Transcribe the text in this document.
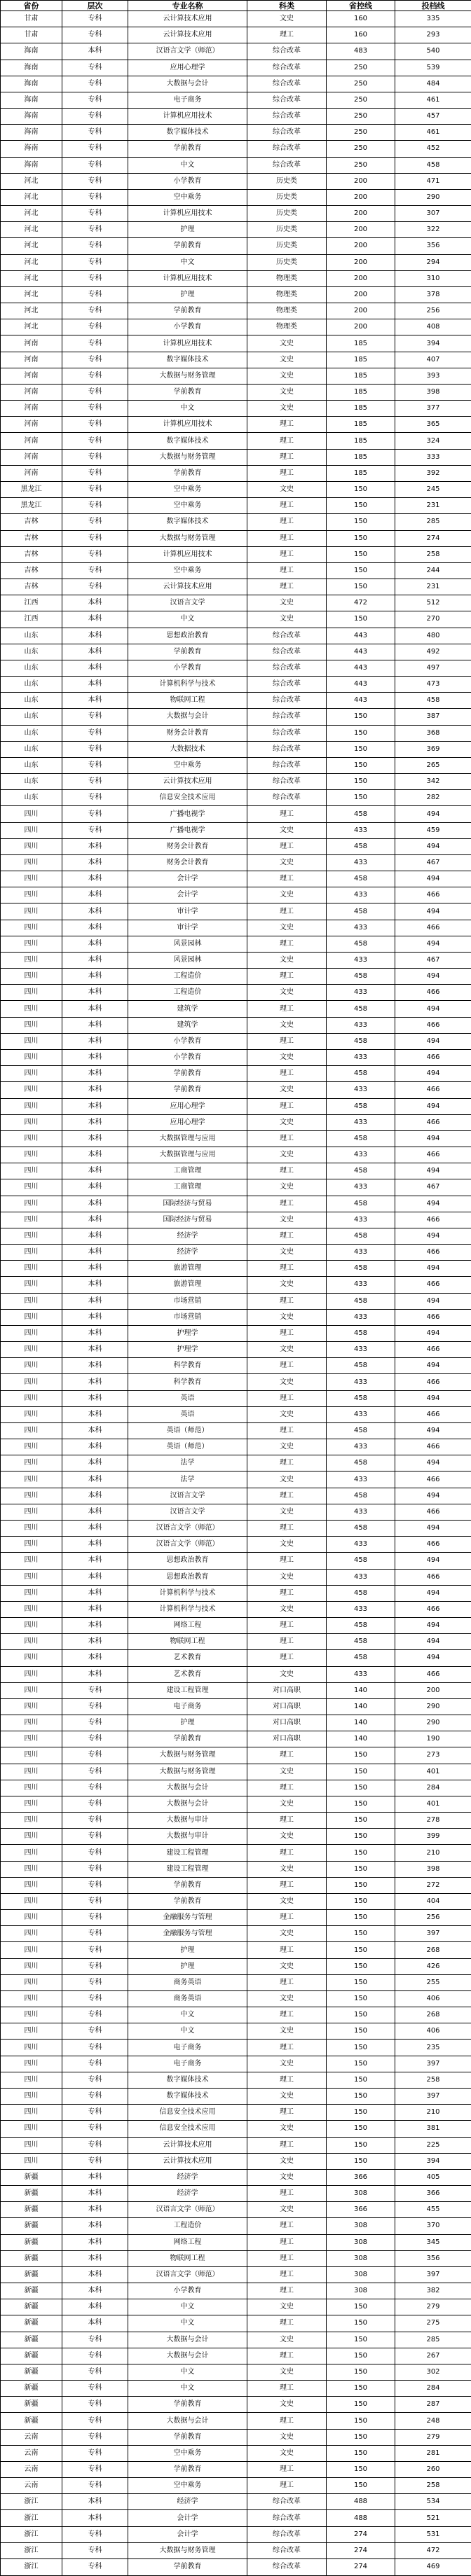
省份	层次	专业名称	科类	省控线	投档线
甘肃	专科	云计算技术应用	文史	160	335
甘肃	专科	云计算技术应用	理工	160	293
海南	本科	汉语言文学（师范）	综合改革	483	540
海南	专科	应用心理学	综合改革	250	539
海南	专科	大数据与会计	综合改革	250	484
海南	专科	电子商务	综合改革	250	461
海南	专科	计算机应用技术	综合改革	250	457
海南	专科	数字媒体技术	综合改革	250	461
海南	专科	学前教育	综合改革	250	452
海南	专科	中文	综合改革	250	458
河北	专科	小学教育	历史类	200	471
河北	专科	空中乘务	历史类	200	290
河北	专科	计算机应用技术	历史类	200	307
河北	专科	护理	历史类	200	322
河北	专科	学前教育	历史类	200	356
河北	专科	中文	历史类	200	294
河北	专科	计算机应用技术	物理类	200	310
河北	专科	护理	物理类	200	378
河北	专科	学前教育	物理类	200	256
河北	专科	小学教育	物理类	200	408
河南	专科	计算机应用技术	文史	185	394
河南	专科	数字媒体技术	文史	185	407
河南	专科	大数据与财务管理	文史	185	393
河南	专科	学前教育	文史	185	398
河南	专科	中文	文史	185	377
河南	专科	计算机应用技术	理工	185	365
河南	专科	数字媒体技术	理工	185	324
河南	专科	大数据与财务管理	理工	185	333
河南	专科	学前教育	理工	185	392
黑龙江	专科	空中乘务	文史	150	245
黑龙江	专科	空中乘务	理工	150	231
吉林	专科	数字媒体技术	理工	150	285
吉林	专科	大数据与财务管理	理工	150	274
吉林	专科	计算机应用技术	理工	150	258
吉林	专科	空中乘务	理工	150	244
吉林	专科	云计算技术应用	理工	150	231
江西	本科	汉语言文学	文史	472	512
江西	本科	中文	文史	150	270
山东	本科	思想政治教育	综合改革	443	480
山东	本科	学前教育	综合改革	443	492
山东	本科	小学教育	综合改革	443	497
山东	本科	计算机科学与技术	综合改革	443	473
山东	本科	物联网工程	综合改革	443	458
山东	专科	大数据与会计	综合改革	150	387
山东	专科	财务会计教育	综合改革	150	368
山东	专科	大数据技术	综合改革	150	369
山东	专科	空中乘务	综合改革	150	265
山东	专科	云计算技术应用	综合改革	150	342
山东	专科	信息安全技术应用	综合改革	150	282
四川	专科	广播电视学	理工	458	494
四川	专科	广播电视学	文史	433	459
四川	本科	财务会计教育	理工	458	494
四川	本科	财务会计教育	文史	433	467
四川	本科	会计学	理工	458	494
四川	本科	会计学	文史	433	466
四川	本科	审计学	理工	458	494
四川	本科	审计学	文史	433	466
四川	本科	风景园林	理工	458	494
四川	本科	风景园林	文史	433	467
四川	本科	工程造价	理工	458	494
四川	本科	工程造价	文史	433	466
四川	本科	建筑学	理工	458	494
四川	本科	建筑学	文史	433	466
四川	本科	小学教育	理工	458	494
四川	本科	小学教育	文史	433	466
四川	本科	学前教育	理工	458	494
四川	本科	学前教育	文史	433	466
四川	本科	应用心理学	理工	458	494
四川	本科	应用心理学	文史	433	466
四川	本科	大数据管理与应用	理工	458	494
四川	本科	大数据管理与应用	文史	433	466
四川	本科	工商管理	理工	458	494
四川	本科	工商管理	文史	433	467
四川	本科	国际经济与贸易	理工	458	494
四川	本科	国际经济与贸易	文史	433	466
四川	本科	经济学	理工	458	494
四川	本科	经济学	文史	433	466
四川	本科	旅游管理	理工	458	494
四川	本科	旅游管理	文史	433	466
四川	本科	市场营销	理工	458	494
四川	本科	市场营销	文史	433	466
四川	本科	护理学	理工	458	494
四川	本科	护理学	文史	433	466
四川	本科	科学教育	理工	458	494
四川	本科	科学教育	文史	433	466
四川	本科	英语	理工	458	494
四川	本科	英语	文史	433	466
四川	本科	英语（师范）	理工	458	494
四川	本科	英语（师范）	文史	433	466
四川	本科	法学	理工	458	494
四川	本科	法学	文史	433	466
四川	本科	汉语言文学	理工	458	494
四川	本科	汉语言文学	文史	433	466
四川	本科	汉语言文学（师范）	理工	458	494
四川	本科	汉语言文学（师范）	文史	433	466
四川	本科	思想政治教育	理工	458	494
四川	本科	思想政治教育	文史	433	466
四川	本科	计算机科学与技术	理工	458	494
四川	本科	计算机科学与技术	文史	433	466
四川	本科	网络工程	理工	458	494
四川	本科	物联网工程	理工	458	494
四川	本科	艺术教育	理工	458	494
四川	本科	艺术教育	文史	433	466
四川	专科	建设工程管理	对口高职	140	200
四川	专科	电子商务	对口高职	140	290
四川	专科	护理	对口高职	140	290
四川	专科	学前教育	对口高职	140	190
四川	专科	大数据与财务管理	理工	150	273
四川	专科	大数据与财务管理	文史	150	401
四川	专科	大数据与会计	理工	150	284
四川	专科	大数据与会计	文史	150	401
四川	专科	大数据与审计	理工	150	278
四川	专科	大数据与审计	文史	150	399
四川	专科	建设工程管理	理工	150	210
四川	专科	建设工程管理	文史	150	398
四川	专科	学前教育	理工	150	272
四川	专科	学前教育	文史	150	404
四川	专科	金融服务与管理	理工	150	256
四川	专科	金融服务与管理	文史	150	397
四川	专科	护理	理工	150	268
四川	专科	护理	文史	150	426
四川	专科	商务英语	理工	150	255
四川	专科	商务英语	文史	150	406
四川	专科	中文	理工	150	268
四川	专科	中文	文史	150	406
四川	专科	电子商务	理工	150	235
四川	专科	电子商务	文史	150	397
四川	专科	数字媒体技术	理工	150	258
四川	专科	数字媒体技术	文史	150	397
四川	专科	信息安全技术应用	理工	150	210
四川	专科	信息安全技术应用	文史	150	381
四川	专科	云计算技术应用	理工	150	225
四川	专科	云计算技术应用	文史	150	394
新疆	本科	经济学	文史	366	405
新疆	本科	经济学	理工	308	366
新疆	本科	汉语言文学（师范）	文史	366	455
新疆	本科	工程造价	理工	308	370
新疆	本科	网络工程	理工	308	345
新疆	本科	物联网工程	理工	308	356
新疆	本科	汉语言文学（师范）	理工	308	397
新疆	本科	小学教育	理工	308	382
新疆	本科	中文	文史	150	279
新疆	本科	中文	理工	150	275
新疆	专科	大数据与会计	文史	150	285
新疆	专科	大数据与会计	理工	150	267
新疆	专科	中文	文史	150	302
新疆	专科	中文	理工	150	284
新疆	专科	学前教育	文史	150	287
新疆	专科	大数据与会计	理工	150	248
云南	专科	学前教育	文史	150	279
云南	专科	空中乘务	文史	150	281
云南	专科	学前教育	理工	150	260
云南	专科	空中乘务	理工	150	258
浙江	本科	经济学	综合改革	488	534
浙江	本科	会计学	综合改革	488	521
浙江	专科	会计学	综合改革	274	531
浙江	专科	大数据与财务管理	综合改革	274	472
浙江	专科	学前教育	综合改革	274	469
